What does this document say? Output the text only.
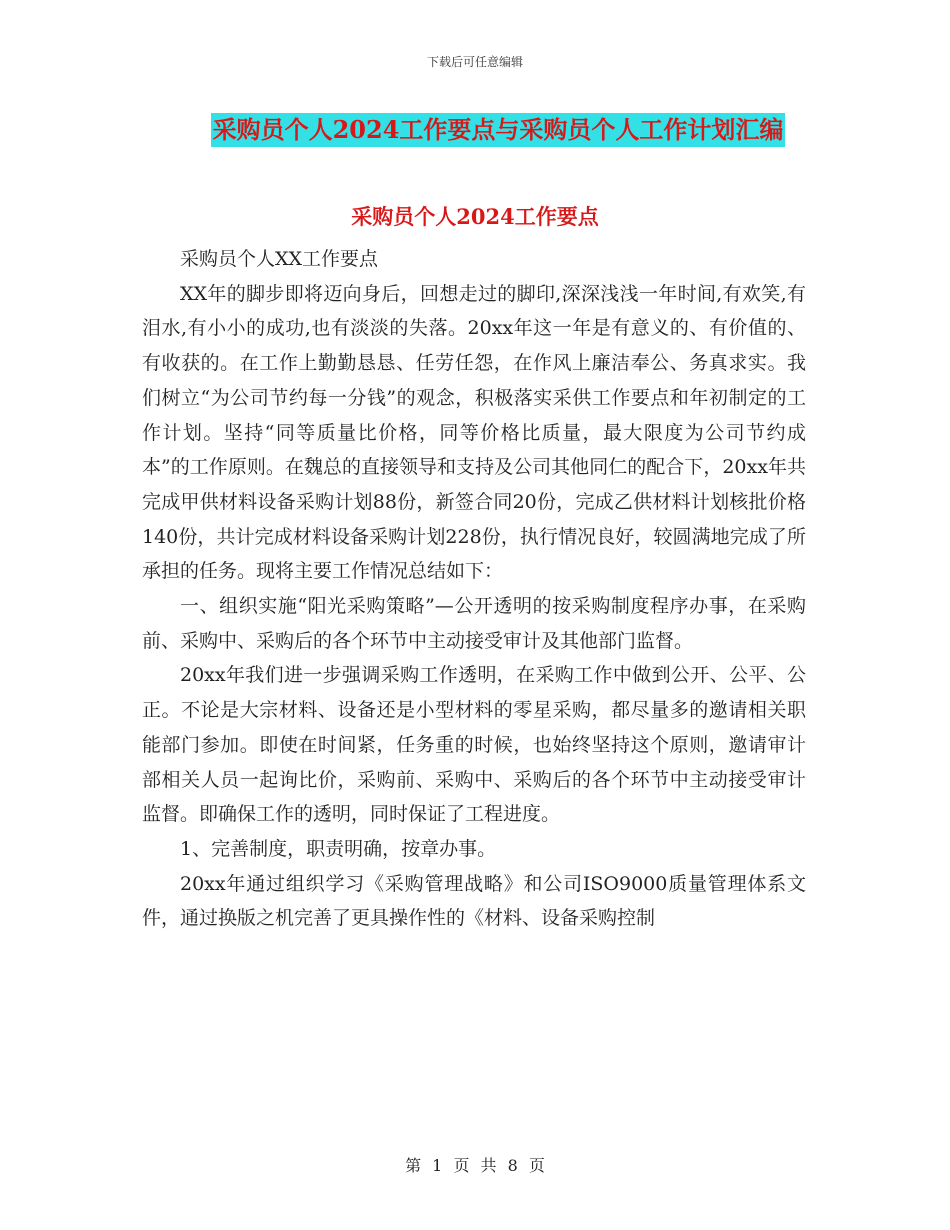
下载后可任意编辑
采购员个人2024工作要点与采购员个人工作计划汇编
采购员个人2024工作要点

采购员个人XX工作要点

XX年的脚步即将迈向身后，回想走过的脚印,深深浅浅一年时间,有欢笑,有泪水,有小小的成功,也有淡淡的失落。20xx年这一年是有意义的、有价值的、有收获的。在工作上勤勤恳恳、任劳任怨，在作风上廉洁奉公、务真求实。我们树立“为公司节约每一分钱”的观念，积极落实采供工作要点和年初制定的工作计划。坚持“同等质量比价格，同等价格比质量，最大限度为公司节约成本”的工作原则。在魏总的直接领导和支持及公司其他同仁的配合下，20xx年共完成甲供材料设备采购计划88份，新签合同20份，完成乙供材料计划核批价格140份，共计完成材料设备采购计划228份，执行情况良好，较圆满地完成了所承担的任务。现将主要工作情况总结如下：

一、组织实施“阳光采购策略”—公开透明的按采购制度程序办事，在采购前、采购中、采购后的各个环节中主动接受审计及其他部门监督。

20xx年我们进一步强调采购工作透明，在采购工作中做到公开、公平、公正。不论是大宗材料、设备还是小型材料的零星采购，都尽量多的邀请相关职能部门参加。即使在时间紧，任务重的时候，也始终坚持这个原则，邀请审计部相关人员一起询比价，采购前、采购中、采购后的各个环节中主动接受审计监督。即确保工作的透明，同时保证了工程进度。

1、完善制度，职责明确，按章办事。

20xx年通过组织学习《采购管理战略》和公司ISO9000质量管理体系文件，通过换版之机完善了更具操作性的《材料、设备采购控制

第 1 页 共 8 页
